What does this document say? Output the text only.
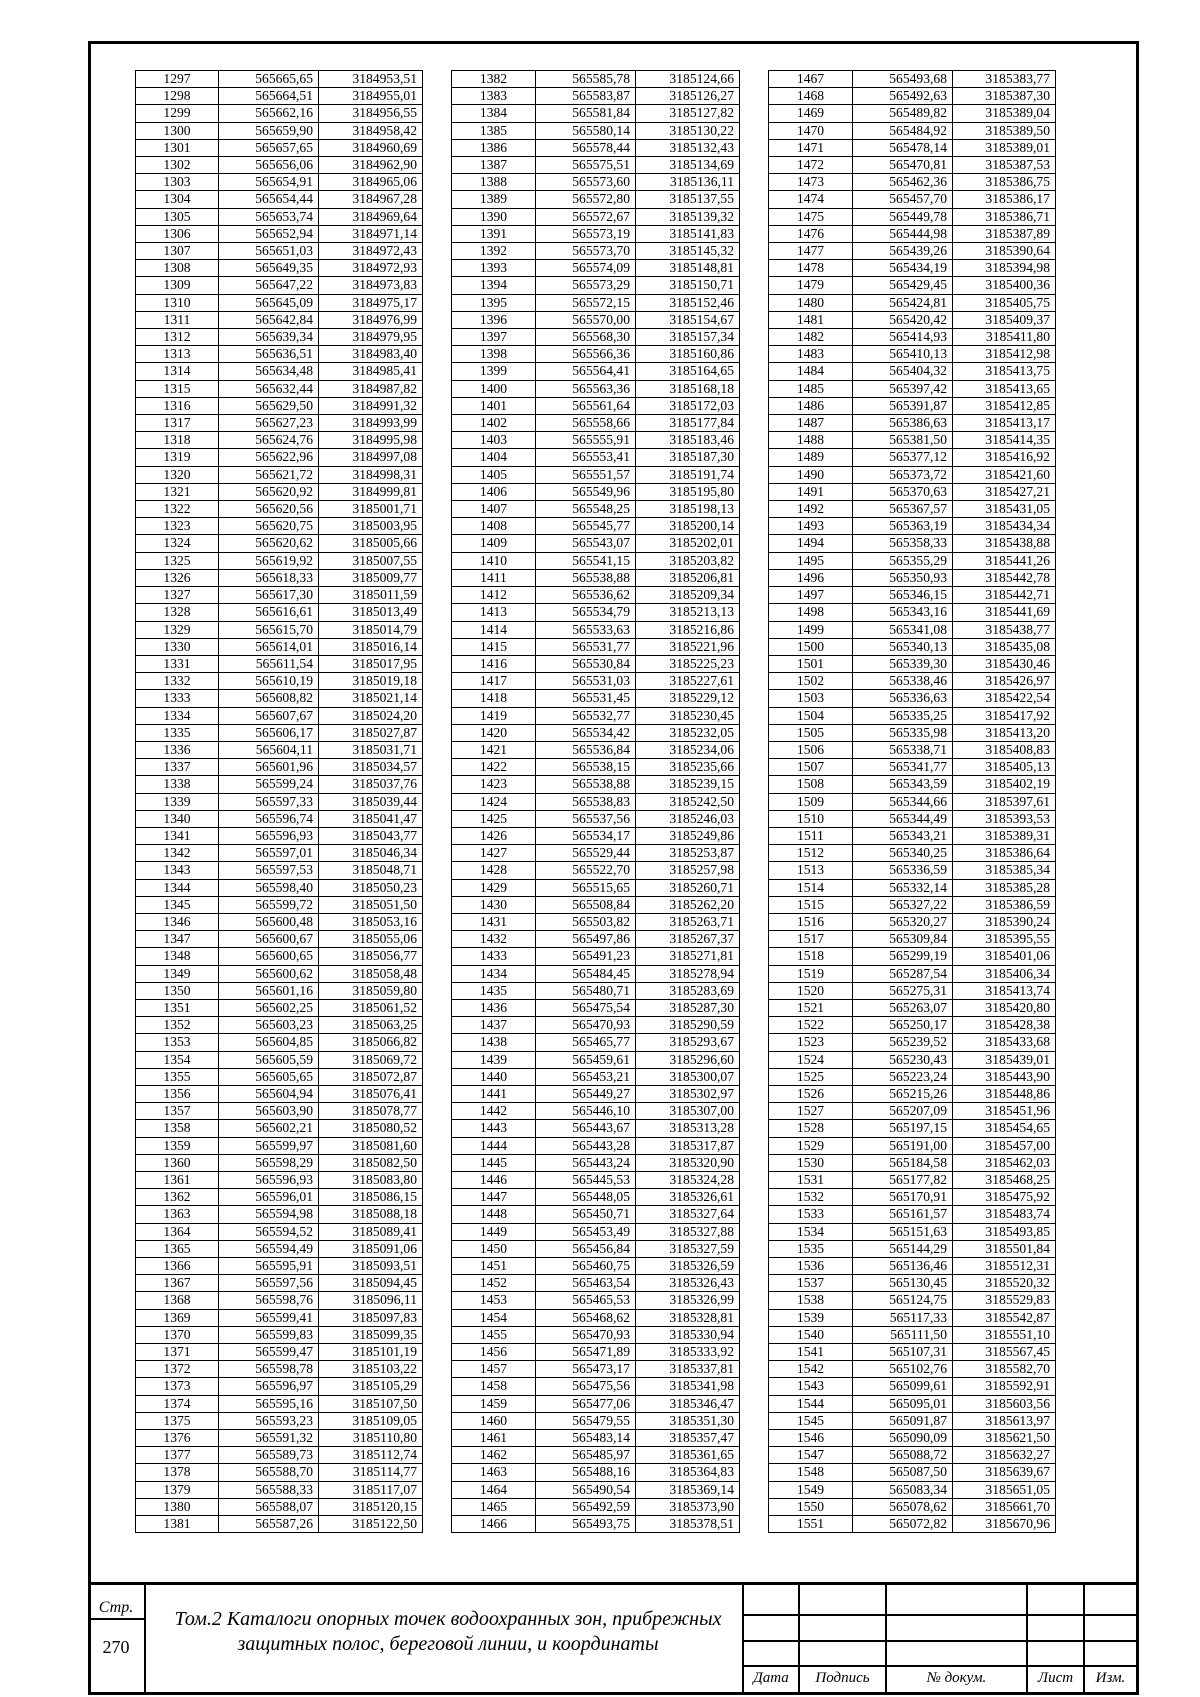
1297	565665,65	3184953,51
1298	565664,51	3184955,01
1299	565662,16	3184956,55
1300	565659,90	3184958,42
1301	565657,65	3184960,69
1302	565656,06	3184962,90
1303	565654,91	3184965,06
1304	565654,44	3184967,28
1305	565653,74	3184969,64
1306	565652,94	3184971,14
1307	565651,03	3184972,43
1308	565649,35	3184972,93
1309	565647,22	3184973,83
1310	565645,09	3184975,17
1311	565642,84	3184976,99
1312	565639,34	3184979,95
1313	565636,51	3184983,40
1314	565634,48	3184985,41
1315	565632,44	3184987,82
1316	565629,50	3184991,32
1317	565627,23	3184993,99
1318	565624,76	3184995,98
1319	565622,96	3184997,08
1320	565621,72	3184998,31
1321	565620,92	3184999,81
1322	565620,56	3185001,71
1323	565620,75	3185003,95
1324	565620,62	3185005,66
1325	565619,92	3185007,55
1326	565618,33	3185009,77
1327	565617,30	3185011,59
1328	565616,61	3185013,49
1329	565615,70	3185014,79
1330	565614,01	3185016,14
1331	565611,54	3185017,95
1332	565610,19	3185019,18
1333	565608,82	3185021,14
1334	565607,67	3185024,20
1335	565606,17	3185027,87
1336	565604,11	3185031,71
1337	565601,96	3185034,57
1338	565599,24	3185037,76
1339	565597,33	3185039,44
1340	565596,74	3185041,47
1341	565596,93	3185043,77
1342	565597,01	3185046,34
1343	565597,53	3185048,71
1344	565598,40	3185050,23
1345	565599,72	3185051,50
1346	565600,48	3185053,16
1347	565600,67	3185055,06
1348	565600,65	3185056,77
1349	565600,62	3185058,48
1350	565601,16	3185059,80
1351	565602,25	3185061,52
1352	565603,23	3185063,25
1353	565604,85	3185066,82
1354	565605,59	3185069,72
1355	565605,65	3185072,87
1356	565604,94	3185076,41
1357	565603,90	3185078,77
1358	565602,21	3185080,52
1359	565599,97	3185081,60
1360	565598,29	3185082,50
1361	565596,93	3185083,80
1362	565596,01	3185086,15
1363	565594,98	3185088,18
1364	565594,52	3185089,41
1365	565594,49	3185091,06
1366	565595,91	3185093,51
1367	565597,56	3185094,45
1368	565598,76	3185096,11
1369	565599,41	3185097,83
1370	565599,83	3185099,35
1371	565599,47	3185101,19
1372	565598,78	3185103,22
1373	565596,97	3185105,29
1374	565595,16	3185107,50
1375	565593,23	3185109,05
1376	565591,32	3185110,80
1377	565589,73	3185112,74
1378	565588,70	3185114,77
1379	565588,33	3185117,07
1380	565588,07	3185120,15
1381	565587,26	3185122,50
1382	565585,78	3185124,66
1383	565583,87	3185126,27
1384	565581,84	3185127,82
1385	565580,14	3185130,22
1386	565578,44	3185132,43
1387	565575,51	3185134,69
1388	565573,60	3185136,11
1389	565572,80	3185137,55
1390	565572,67	3185139,32
1391	565573,19	3185141,83
1392	565573,70	3185145,32
1393	565574,09	3185148,81
1394	565573,29	3185150,71
1395	565572,15	3185152,46
1396	565570,00	3185154,67
1397	565568,30	3185157,34
1398	565566,36	3185160,86
1399	565564,41	3185164,65
1400	565563,36	3185168,18
1401	565561,64	3185172,03
1402	565558,66	3185177,84
1403	565555,91	3185183,46
1404	565553,41	3185187,30
1405	565551,57	3185191,74
1406	565549,96	3185195,80
1407	565548,25	3185198,13
1408	565545,77	3185200,14
1409	565543,07	3185202,01
1410	565541,15	3185203,82
1411	565538,88	3185206,81
1412	565536,62	3185209,34
1413	565534,79	3185213,13
1414	565533,63	3185216,86
1415	565531,77	3185221,96
1416	565530,84	3185225,23
1417	565531,03	3185227,61
1418	565531,45	3185229,12
1419	565532,77	3185230,45
1420	565534,42	3185232,05
1421	565536,84	3185234,06
1422	565538,15	3185235,66
1423	565538,88	3185239,15
1424	565538,83	3185242,50
1425	565537,56	3185246,03
1426	565534,17	3185249,86
1427	565529,44	3185253,87
1428	565522,70	3185257,98
1429	565515,65	3185260,71
1430	565508,84	3185262,20
1431	565503,82	3185263,71
1432	565497,86	3185267,37
1433	565491,23	3185271,81
1434	565484,45	3185278,94
1435	565480,71	3185283,69
1436	565475,54	3185287,30
1437	565470,93	3185290,59
1438	565465,77	3185293,67
1439	565459,61	3185296,60
1440	565453,21	3185300,07
1441	565449,27	3185302,97
1442	565446,10	3185307,00
1443	565443,67	3185313,28
1444	565443,28	3185317,87
1445	565443,24	3185320,90
1446	565445,53	3185324,28
1447	565448,05	3185326,61
1448	565450,71	3185327,64
1449	565453,49	3185327,88
1450	565456,84	3185327,59
1451	565460,75	3185326,59
1452	565463,54	3185326,43
1453	565465,53	3185326,99
1454	565468,62	3185328,81
1455	565470,93	3185330,94
1456	565471,89	3185333,92
1457	565473,17	3185337,81
1458	565475,56	3185341,98
1459	565477,06	3185346,47
1460	565479,55	3185351,30
1461	565483,14	3185357,47
1462	565485,97	3185361,65
1463	565488,16	3185364,83
1464	565490,54	3185369,14
1465	565492,59	3185373,90
1466	565493,75	3185378,51
1467	565493,68	3185383,77
1468	565492,63	3185387,30
1469	565489,82	3185389,04
1470	565484,92	3185389,50
1471	565478,14	3185389,01
1472	565470,81	3185387,53
1473	565462,36	3185386,75
1474	565457,70	3185386,17
1475	565449,78	3185386,71
1476	565444,98	3185387,89
1477	565439,26	3185390,64
1478	565434,19	3185394,98
1479	565429,45	3185400,36
1480	565424,81	3185405,75
1481	565420,42	3185409,37
1482	565414,93	3185411,80
1483	565410,13	3185412,98
1484	565404,32	3185413,75
1485	565397,42	3185413,65
1486	565391,87	3185412,85
1487	565386,63	3185413,17
1488	565381,50	3185414,35
1489	565377,12	3185416,92
1490	565373,72	3185421,60
1491	565370,63	3185427,21
1492	565367,57	3185431,05
1493	565363,19	3185434,34
1494	565358,33	3185438,88
1495	565355,29	3185441,26
1496	565350,93	3185442,78
1497	565346,15	3185442,71
1498	565343,16	3185441,69
1499	565341,08	3185438,77
1500	565340,13	3185435,08
1501	565339,30	3185430,46
1502	565338,46	3185426,97
1503	565336,63	3185422,54
1504	565335,25	3185417,92
1505	565335,98	3185413,20
1506	565338,71	3185408,83
1507	565341,77	3185405,13
1508	565343,59	3185402,19
1509	565344,66	3185397,61
1510	565344,49	3185393,53
1511	565343,21	3185389,31
1512	565340,25	3185386,64
1513	565336,59	3185385,34
1514	565332,14	3185385,28
1515	565327,22	3185386,59
1516	565320,27	3185390,24
1517	565309,84	3185395,55
1518	565299,19	3185401,06
1519	565287,54	3185406,34
1520	565275,31	3185413,74
1521	565263,07	3185420,80
1522	565250,17	3185428,38
1523	565239,52	3185433,68
1524	565230,43	3185439,01
1525	565223,24	3185443,90
1526	565215,26	3185448,86
1527	565207,09	3185451,96
1528	565197,15	3185454,65
1529	565191,00	3185457,00
1530	565184,58	3185462,03
1531	565177,82	3185468,25
1532	565170,91	3185475,92
1533	565161,57	3185483,74
1534	565151,63	3185493,85
1535	565144,29	3185501,84
1536	565136,46	3185512,31
1537	565130,45	3185520,32
1538	565124,75	3185529,83
1539	565117,33	3185542,87
1540	565111,50	3185551,10
1541	565107,31	3185567,45
1542	565102,76	3185582,70
1543	565099,61	3185592,91
1544	565095,01	3185603,56
1545	565091,87	3185613,97
1546	565090,09	3185621,50
1547	565088,72	3185632,27
1548	565087,50	3185639,67
1549	565083,34	3185651,05
1550	565078,62	3185661,70
1551	565072,82	3185670,96
Стр.
270
Том.2 Каталоги опорных точек водоохранных зон, прибрежных защитных полос, береговой линии, и координаты
Дата	Подпись	№ докум.	Лист	Изм.
